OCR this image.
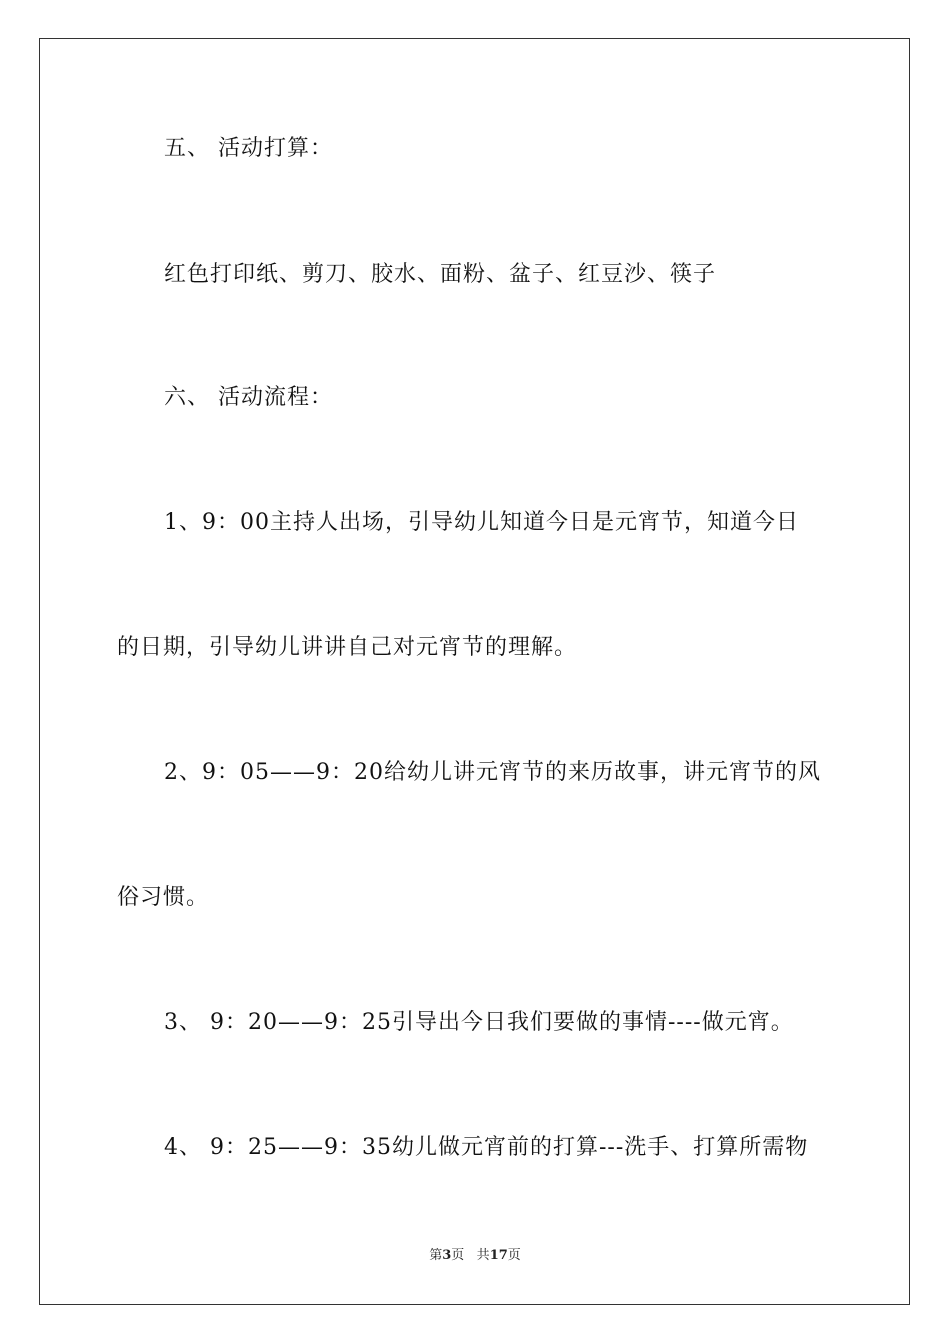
五、 活动打算：
红色打印纸、剪刀、胶水、面粉、盆子、红豆沙、筷子
六、 活动流程：
1、9：00主持人出场，引导幼儿知道今日是元宵节，知道今日
的日期，引导幼儿讲讲自己对元宵节的理解。
2、9：05——9：20给幼儿讲元宵节的来历故事，讲元宵节的风
俗习惯。
3、 9：20——9：25引导出今日我们要做的事情----做元宵。
4、 9：25——9：35幼儿做元宵前的打算---洗手、打算所需物
第3页 共17页
